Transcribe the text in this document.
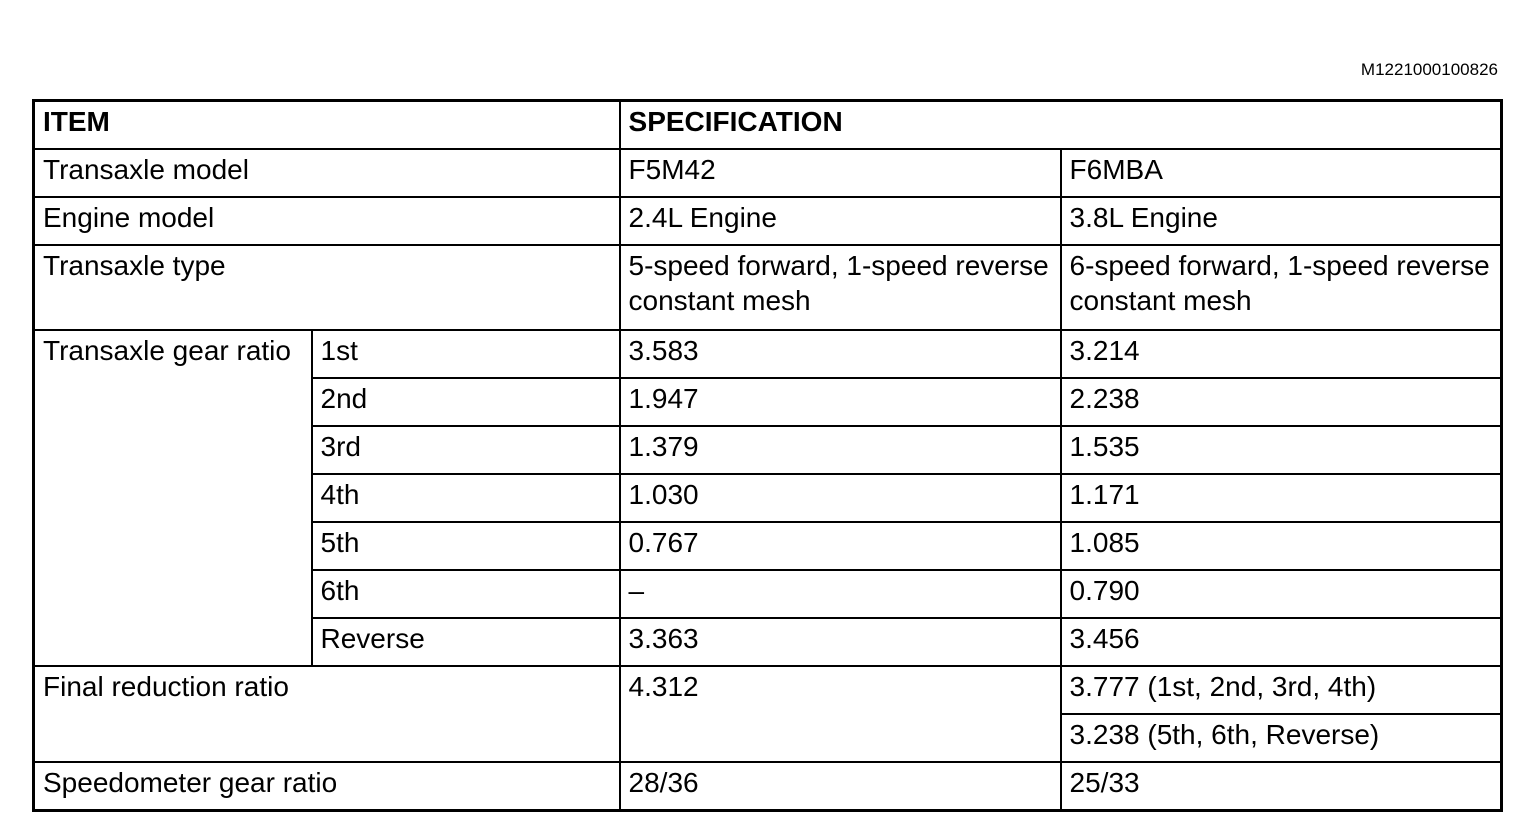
M1221000100826
ITEM		SPECIFICATION	
Transaxle model		F5M42	F6MBA
Engine model		2.4L Engine	3.8L Engine
Transaxle type		5-speed forward, 1-speed reverse constant mesh	6-speed forward, 1-speed reverse constant mesh
Transaxle gear ratio	1st	3.583	3.214
	2nd	1.947	2.238
	3rd	1.379	1.535
	4th	1.030	1.171
	5th	0.767	1.085
	6th	–	0.790
	Reverse	3.363	3.456
Final reduction ratio		4.312	3.777 (1st, 2nd, 3rd, 4th)
			3.238 (5th, 6th, Reverse)
Speedometer gear ratio		28/36	25/33
